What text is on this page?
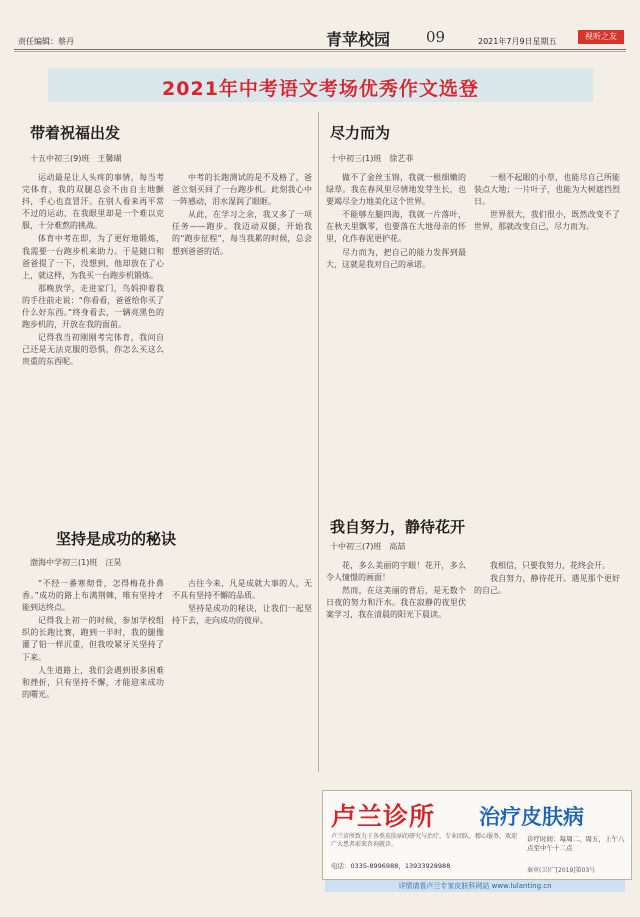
责任编辑：蔡丹	青苹校园 09	2021年7月9日星期五
视听之友
2021年中考语文考场优秀作文选登
带着祝福出发
十五中初三(9)班　王馨瑚

运动最是让人头疼的事情，每当考完体育，我的双腿总会不由自主地颤抖，手心也直冒汗。在别人看来再平常不过的运动，在我眼里却是一个难以克服，十分难熬的挑战。

体育中考在即，为了更好地锻炼，我需要一台跑步机来助力。于是随口和爸爸提了一下，没想到，他却放在了心上，就这样，为我买一台跑步机锻炼。

那晚放学，走进家门，鸟妈抑着我的手往前走说：“你看看，爸爸给你买了什么好东西。”终身看去，一辆亮黑色的跑步机的，开放在我的面前。

记得我当初刚刚考完体育，我问自己还是无法克服的恐惧，你怎么买这么贵重的东西呢。

中考的长跑测试的是不及格了，爸爸立刻买回了一台跑步机。此刻我心中一阵感动，泪水湿润了眼眶。

从此，在学习之余，我又多了一项任务——跑步。我迈动双腿，开始我的“跑步征程”，每当我累的时候，总会想到爸爸的话。

尽力而为
十中初三(1)班　徐艺菲

做不了金丝玉锦，我就一根细嫩的绿草。我在春风里尽情地发芽生长，也要竭尽全力地美化这个世界。

不能够左腿四海，我就一片落叶，在秋天里飘零，也要落在大地母亲的怀里，化作春泥更护花。

尽力而为，把自己的能力发挥到最大，这就是我对自己的承诺。

一根不起眼的小草，也能尽自己所能装点大地；一片叶子，也能为大树遮挡烈日。

世界很大，我们很小，既然改变不了世界，那就改变自己，尽力而为。

坚持是成功的秘诀
渤海中学初三(1)班　汪昊

“不经一番寒彻骨，怎得梅花扑鼻香。”成功的路上布满荆棘，唯有坚持才能到达终点。

记得我上初一的时候，参加学校组织的长跑比赛，跑到一半时，我的腿像灌了铅一样沉重，但我咬紧牙关坚持了下来。

人生道路上，我们会遇到很多困难和挫折，只有坚持不懈，才能迎来成功的曙光。

古往今来，凡是成就大事的人，无不具有坚持不懈的品质。

坚持是成功的秘诀，让我们一起坚持下去，走向成功的彼岸。

我自努力，静待花开
十中初三(7)班　高喆

花，多么美丽的字眼！花开，多么令人憧憬的画面！

然而，在这美丽的背后，是无数个日夜的努力和汗水。我在寂静的夜里伏案学习，我在清晨的阳光下晨读。

我相信，只要我努力，花终会开。

我自努力，静待花开。遇见那个更好的自己。

卢兰诊所 治疗皮肤病
卢兰诊所致力于各类皮肤病的研究与治疗，专业团队，精心服务，欢迎广大患者前来咨询就诊。
诊疗时间：每周二、周五，上午八点至中午十二点
电话：0335-8996988，13933928988
秦审(卫)广[2019]第03号
详情请看卢兰专家皮肤科网站 www.lulanting.cn
